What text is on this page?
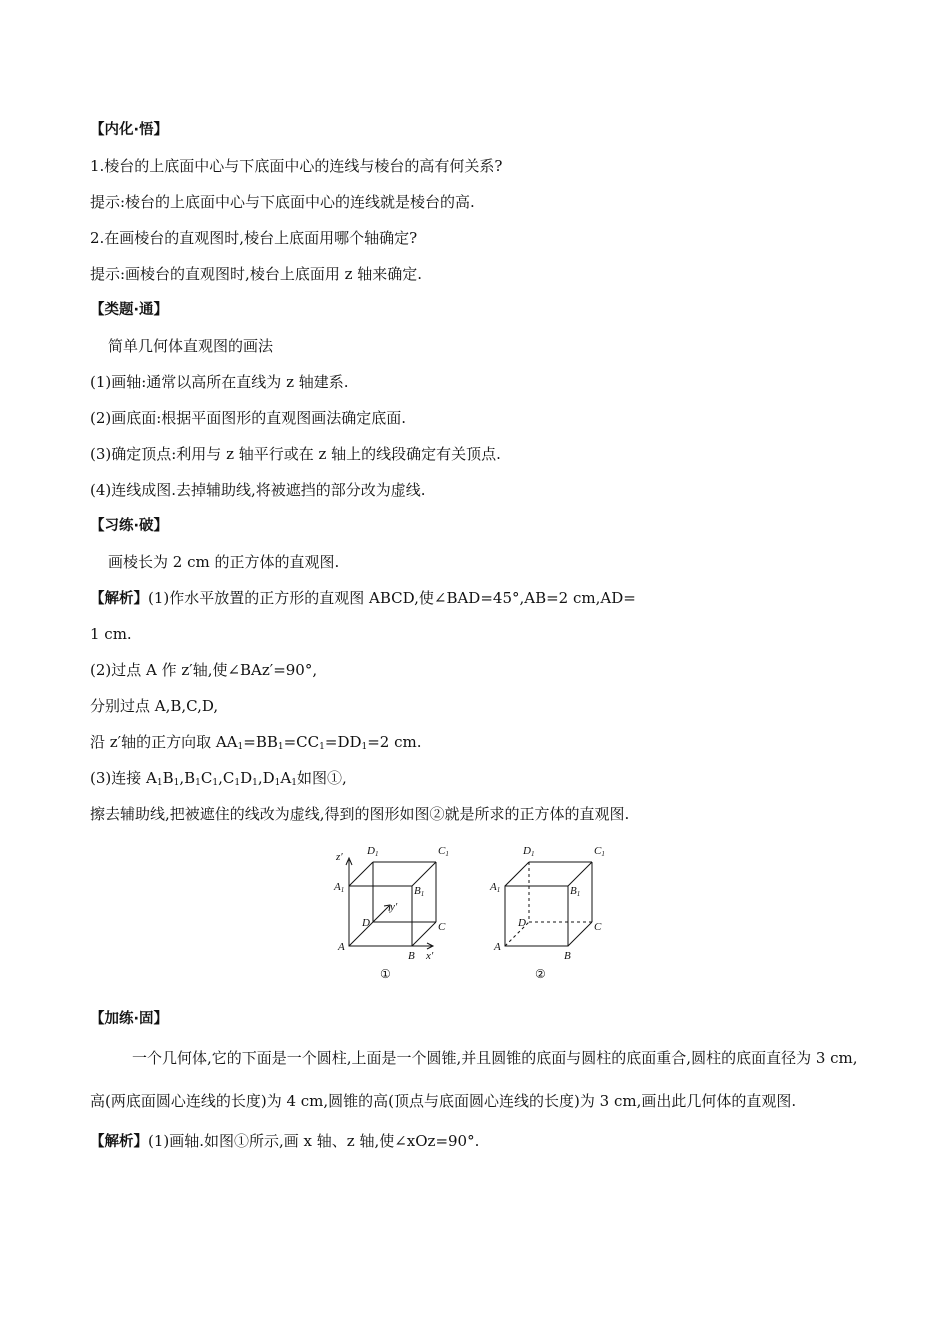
【内化·悟】
1.棱台的上底面中心与下底面中心的连线与棱台的高有何关系?
提示:棱台的上底面中心与下底面中心的连线就是棱台的高.
2.在画棱台的直观图时,棱台上底面用哪个轴确定?
提示:画棱台的直观图时,棱台上底面用 z 轴来确定.
【类题·通】
简单几何体直观图的画法
(1)画轴:通常以高所在直线为 z 轴建系.
(2)画底面:根据平面图形的直观图画法确定底面.
(3)确定顶点:利用与 z 轴平行或在 z 轴上的线段确定有关顶点.
(4)连线成图.去掉辅助线,将被遮挡的部分改为虚线.
【习练·破】
画棱长为 2 cm 的正方体的直观图.
【解析】(1)作水平放置的正方形的直观图 ABCD,使∠BAD=45°,AB=2 cm,AD=
1 cm.
(2)过点 A 作 z′轴,使∠BAz′=90°,
分别过点 A,B,C,D,
沿 z′轴的正方向取 $AA_1=BB_1=CC_1=DD_1=2$ cm.
(3)连接 $A_1B_1,B_1C_1,C_1D_1,D_1A_1$如图①,
擦去辅助线,把被遮住的线改为虚线,得到的图形如图②就是所求的正方体的直观图.
z′ D1	C1
A1	B1
D
y′
C
A
B x′
①
D1	C1
A1	B1
D	C
A
B
②
【加练·固】

一个几何体,它的下面是一个圆柱,上面是一个圆锥,并且圆锥的底面与圆柱的底面重合,圆柱的底面直径为 3 cm,高(两底面圆心连线的长度)为 4 cm,圆锥的高(顶点与底面圆心连线的长度)为 3 cm,画出此几何体的直观图.

【解析】(1)画轴.如图①所示,画 x 轴、z 轴,使∠xOz=90°.
